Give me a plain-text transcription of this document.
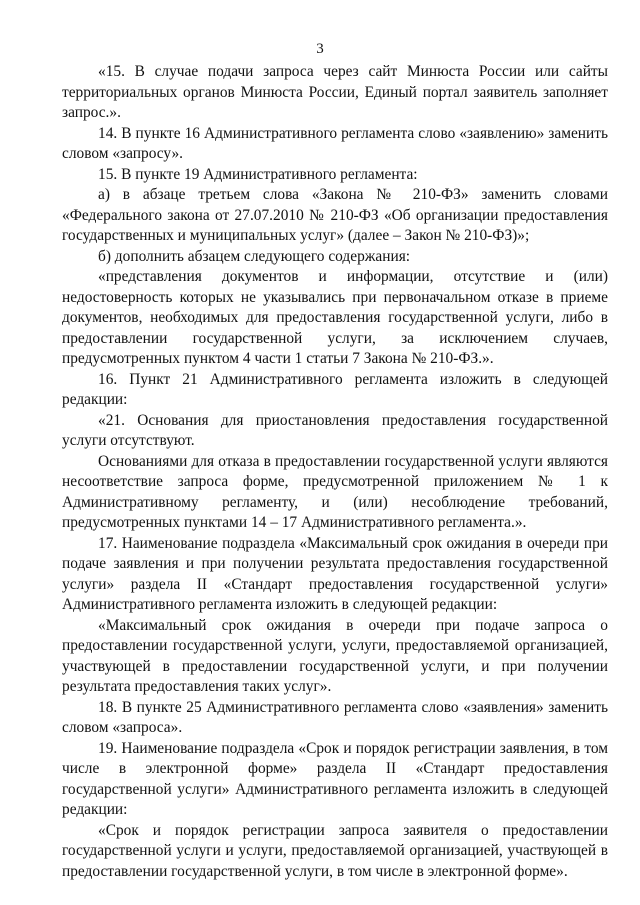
3

«15. В случае подачи запроса через сайт Минюста России или сайты территориальных органов Минюста России, Единый портал заявитель заполняет запрос.».

14. В пункте 16 Административного регламента слово «заявлению» заменить словом «запросу».

15. В пункте 19 Административного регламента:

а) в абзаце третьем слова «Закона № 210-ФЗ» заменить словами «Федерального закона от 27.07.2010 № 210-ФЗ «Об организации предоставления государственных и муниципальных услуг» (далее – Закон № 210-ФЗ)»;

б) дополнить абзацем следующего содержания:

«представления документов и информации, отсутствие и (или) недостоверность которых не указывались при первоначальном отказе в приеме документов, необходимых для предоставления государственной услуги, либо в предоставлении государственной услуги, за исключением случаев, предусмотренных пунктом 4 части 1 статьи 7 Закона № 210-ФЗ.».

16. Пункт 21 Административного регламента изложить в следующей редакции:

«21. Основания для приостановления предоставления государственной услуги отсутствуют.

Основаниями для отказа в предоставлении государственной услуги являются несоответствие запроса форме, предусмотренной приложением № 1 к Административному регламенту, и (или) несоблюдение требований, предусмотренных пунктами 14 – 17 Административного регламента.».

17. Наименование подраздела «Максимальный срок ожидания в очереди при подаче заявления и при получении результата предоставления государственной услуги» раздела II «Стандарт предоставления государственной услуги» Административного регламента изложить в следующей редакции:

«Максимальный срок ожидания в очереди при подаче запроса о предоставлении государственной услуги, услуги, предоставляемой организацией, участвующей в предоставлении государственной услуги, и при получении результата предоставления таких услуг».

18. В пункте 25 Административного регламента слово «заявления» заменить словом «запроса».

19. Наименование подраздела «Срок и порядок регистрации заявления, в том числе в электронной форме» раздела II «Стандарт предоставления государственной услуги» Административного регламента изложить в следующей редакции:

«Срок и порядок регистрации запроса заявителя о предоставлении государственной услуги и услуги, предоставляемой организацией, участвующей в предоставлении государственной услуги, в том числе в электронной форме».
